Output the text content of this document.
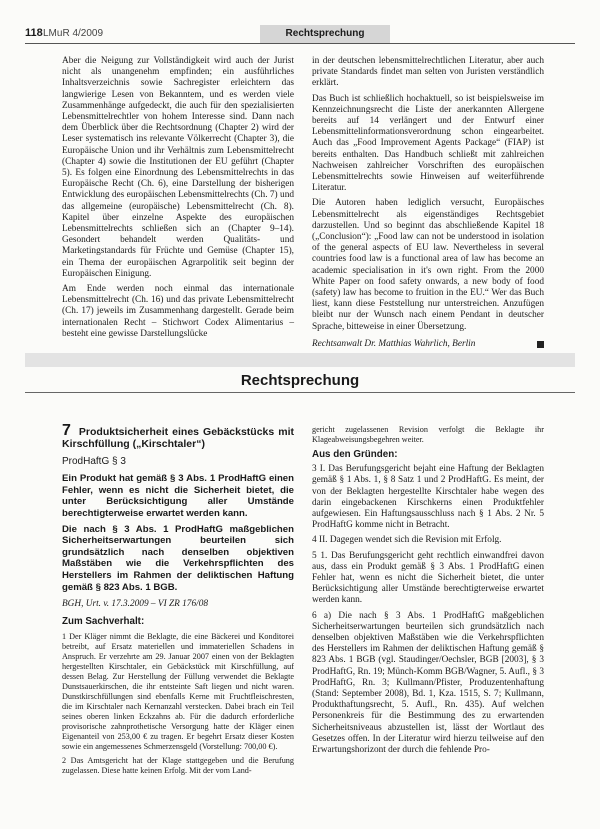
118 LMuR 4/2009	Rechtsprechung

Aber die Neigung zur Vollständigkeit wird auch der Jurist nicht als unangenehm empfinden; ein ausführliches Inhaltsverzeichnis sowie Sachregister erleichtern das langwierige Lesen von Bekanntem, und es werden viele Zusammenhänge aufgedeckt, die auch für den spezialisierten Lebensmittelrechtler von hohem Interesse sind. Dann nach dem Überblick über die Rechtsordnung (Chapter 2) wird der Leser systematisch ins relevante Völkerrecht (Chapter 3), die Europäische Union und ihr Verhältnis zum Lebensmittelrecht (Chapter 4) sowie die Institutionen der EU geführt (Chapter 5). Es folgen eine Einordnung des Lebensmittelrechts in das Europäische Recht (Ch. 6), eine Darstellung der bisherigen Entwicklung des europäischen Lebensmittelrechts (Ch. 7) und das allgemeine (europäische) Lebensmittelrecht (Ch. 8). Kapitel über einzelne Aspekte des europäischen Lebensmittelrechts schließen sich an (Chapter 9–14). Gesondert behandelt werden Qualitäts- und Marketingstandards für Früchte und Gemüse (Chapter 15), ein Thema der europäischen Agrarpolitik seit beginn der Europäischen Einigung.

Am Ende werden noch einmal das internationale Lebensmittelrecht (Ch. 16) und das private Lebensmittelrecht (Ch. 17) jeweils im Zusammenhang dargestellt. Gerade beim internationalen Recht – Stichwort Codex Alimentarius – besteht eine gewisse Darstellungslücke

in der deutschen lebensmittelrechtlichen Literatur, aber auch private Standards findet man selten von Juristen verständlich erklärt.

Das Buch ist schließlich hochaktuell, so ist beispielsweise im Kennzeichnungsrecht die Liste der anerkannten Allergene bereits auf 14 verlängert und der Entwurf einer Lebensmittelinformationsverordnung schon eingearbeitet. Auch das „Food Improvement Agents Package“ (FIAP) ist bereits enthalten. Das Handbuch schließt mit zahlreichen Nachweisen zahlreicher Vorschriften des europäischen Lebensmittelrechts sowie Hinweisen auf weiterführende Literatur.

Die Autoren haben lediglich versucht, Europäisches Lebensmittelrecht als eigenständiges Rechtsgebiet darzustellen. Und so beginnt das abschließende Kapitel 18 („Conclusion“): „Food law can not be understood in isolation of the general aspects of EU law. Nevertheless in several countries food law is a functional area of law has become an academic specialisation in it's own right. From the 2000 White Paper on food safety onwards, a new body of food (safety) law has become to fruition in the EU.“ Wer das Buch liest, kann diese Feststellung nur unterstreichen. Anzufügen bleibt nur der Wunsch nach einem Pendant in deutscher Sprache, bitteweise in einer Übersetzung.

Rechtsanwalt Dr. Matthias Wahrlich, Berlin
Rechtsprechung
7 Produktsicherheit eines Gebäckstücks mit Kirschfüllung („Kirschtaler“)
ProdHaftG § 3

Ein Produkt hat gemäß § 3 Abs. 1 ProdHaftG einen Fehler, wenn es nicht die Sicherheit bietet, die unter Berücksichtigung aller Umstände berechtigterweise erwartet werden kann.

Die nach § 3 Abs. 1 ProdHaftG maßgeblichen Sicherheitserwartungen beurteilen sich grundsätzlich nach denselben objektiven Maßstäben wie die Verkehrspflichten des Herstellers im Rahmen der deliktischen Haftung gemäß § 823 Abs. 1 BGB.

BGH, Urt. v. 17.3.2009 – VI ZR 176/08
Zum Sachverhalt:

1 Der Kläger nimmt die Beklagte, die eine Bäckerei und Konditorei betreibt, auf Ersatz materiellen und immateriellen Schadens in Anspruch. Er verzehrte am 29. Januar 2007 einen von der Beklagten hergestellten Kirschtaler, ein Gebäckstück mit Kirschfüllung, auf dessen Belag. Zur Herstellung der Füllung verwendet die Beklagte Dunstsauerkirschen, die ihr entsteinte Saft liegen und nicht waren. Dunstkirschfüllungen sind ebenfalls Kerne mit Fruchtfleischresten, die im Kirschtaler nach Kernanzahl verstecken. Dabei brach ein Teil seines oberen linken Eckzahns ab. Für die dadurch erforderliche provisorische zahnprothetische Versorgung hatte der Kläger einen Eigenanteil von 253,00 € zu tragen. Er begehrt Ersatz dieser Kosten sowie ein angemessenes Schmerzensgeld (Vorstellung: 700,00 €).

2 Das Amtsgericht hat der Klage stattgegeben und die Berufung zugelassen. Diese hatte keinen Erfolg. Mit der vom Land-

gericht zugelassenen Revision verfolgt die Beklagte ihr Klageabweisungsbegehren weiter.

Aus den Gründen:

3 I. Das Berufungsgericht bejaht eine Haftung der Beklagten gemäß § 1 Abs. 1, § 8 Satz 1 und 2 ProdHaftG. Es meint, der von der Beklagten hergestellte Kirschtaler habe wegen des darin eingebackenen Kirschkerns einen Produktfehler aufgewiesen. Ein Haftungsausschluss nach § 1 Abs. 2 Nr. 5 ProdHaftG komme nicht in Betracht.

4 II. Dagegen wendet sich die Revision mit Erfolg.

5 1. Das Berufungsgericht geht rechtlich einwandfrei davon aus, dass ein Produkt gemäß § 3 Abs. 1 ProdHaftG einen Fehler hat, wenn es nicht die Sicherheit bietet, die unter Berücksichtigung aller Umstände berechtigterweise erwartet werden kann.

6 a) Die nach § 3 Abs. 1 ProdHaftG maßgeblichen Sicherheitserwartungen beurteilen sich grundsätzlich nach denselben objektiven Maßstäben wie die Verkehrspflichten des Herstellers im Rahmen der deliktischen Haftung gemäß § 823 Abs. 1 BGB (vgl. Staudinger/Oechsler, BGB [2003], § 3 ProdHaftG, Rn. 19; Münch-Komm BGB/Wagner, 5. Aufl., § 3 ProdHaftG, Rn. 3; Kullmann/Pfister, Produzentenhaftung (Stand: September 2008), Bd. 1, Kza. 1515, S. 7; Kullmann, Produkthaftungsrecht, 5. Aufl., Rn. 435). Auf welchen Personenkreis für die Bestimmung des zu erwartenden Sicherheitsniveaus abzustellen ist, lässt der Wortlaut des Gesetzes offen. In der Literatur wird hierzu teilweise auf den Erwartungshorizont der durch die fehlende Pro-
